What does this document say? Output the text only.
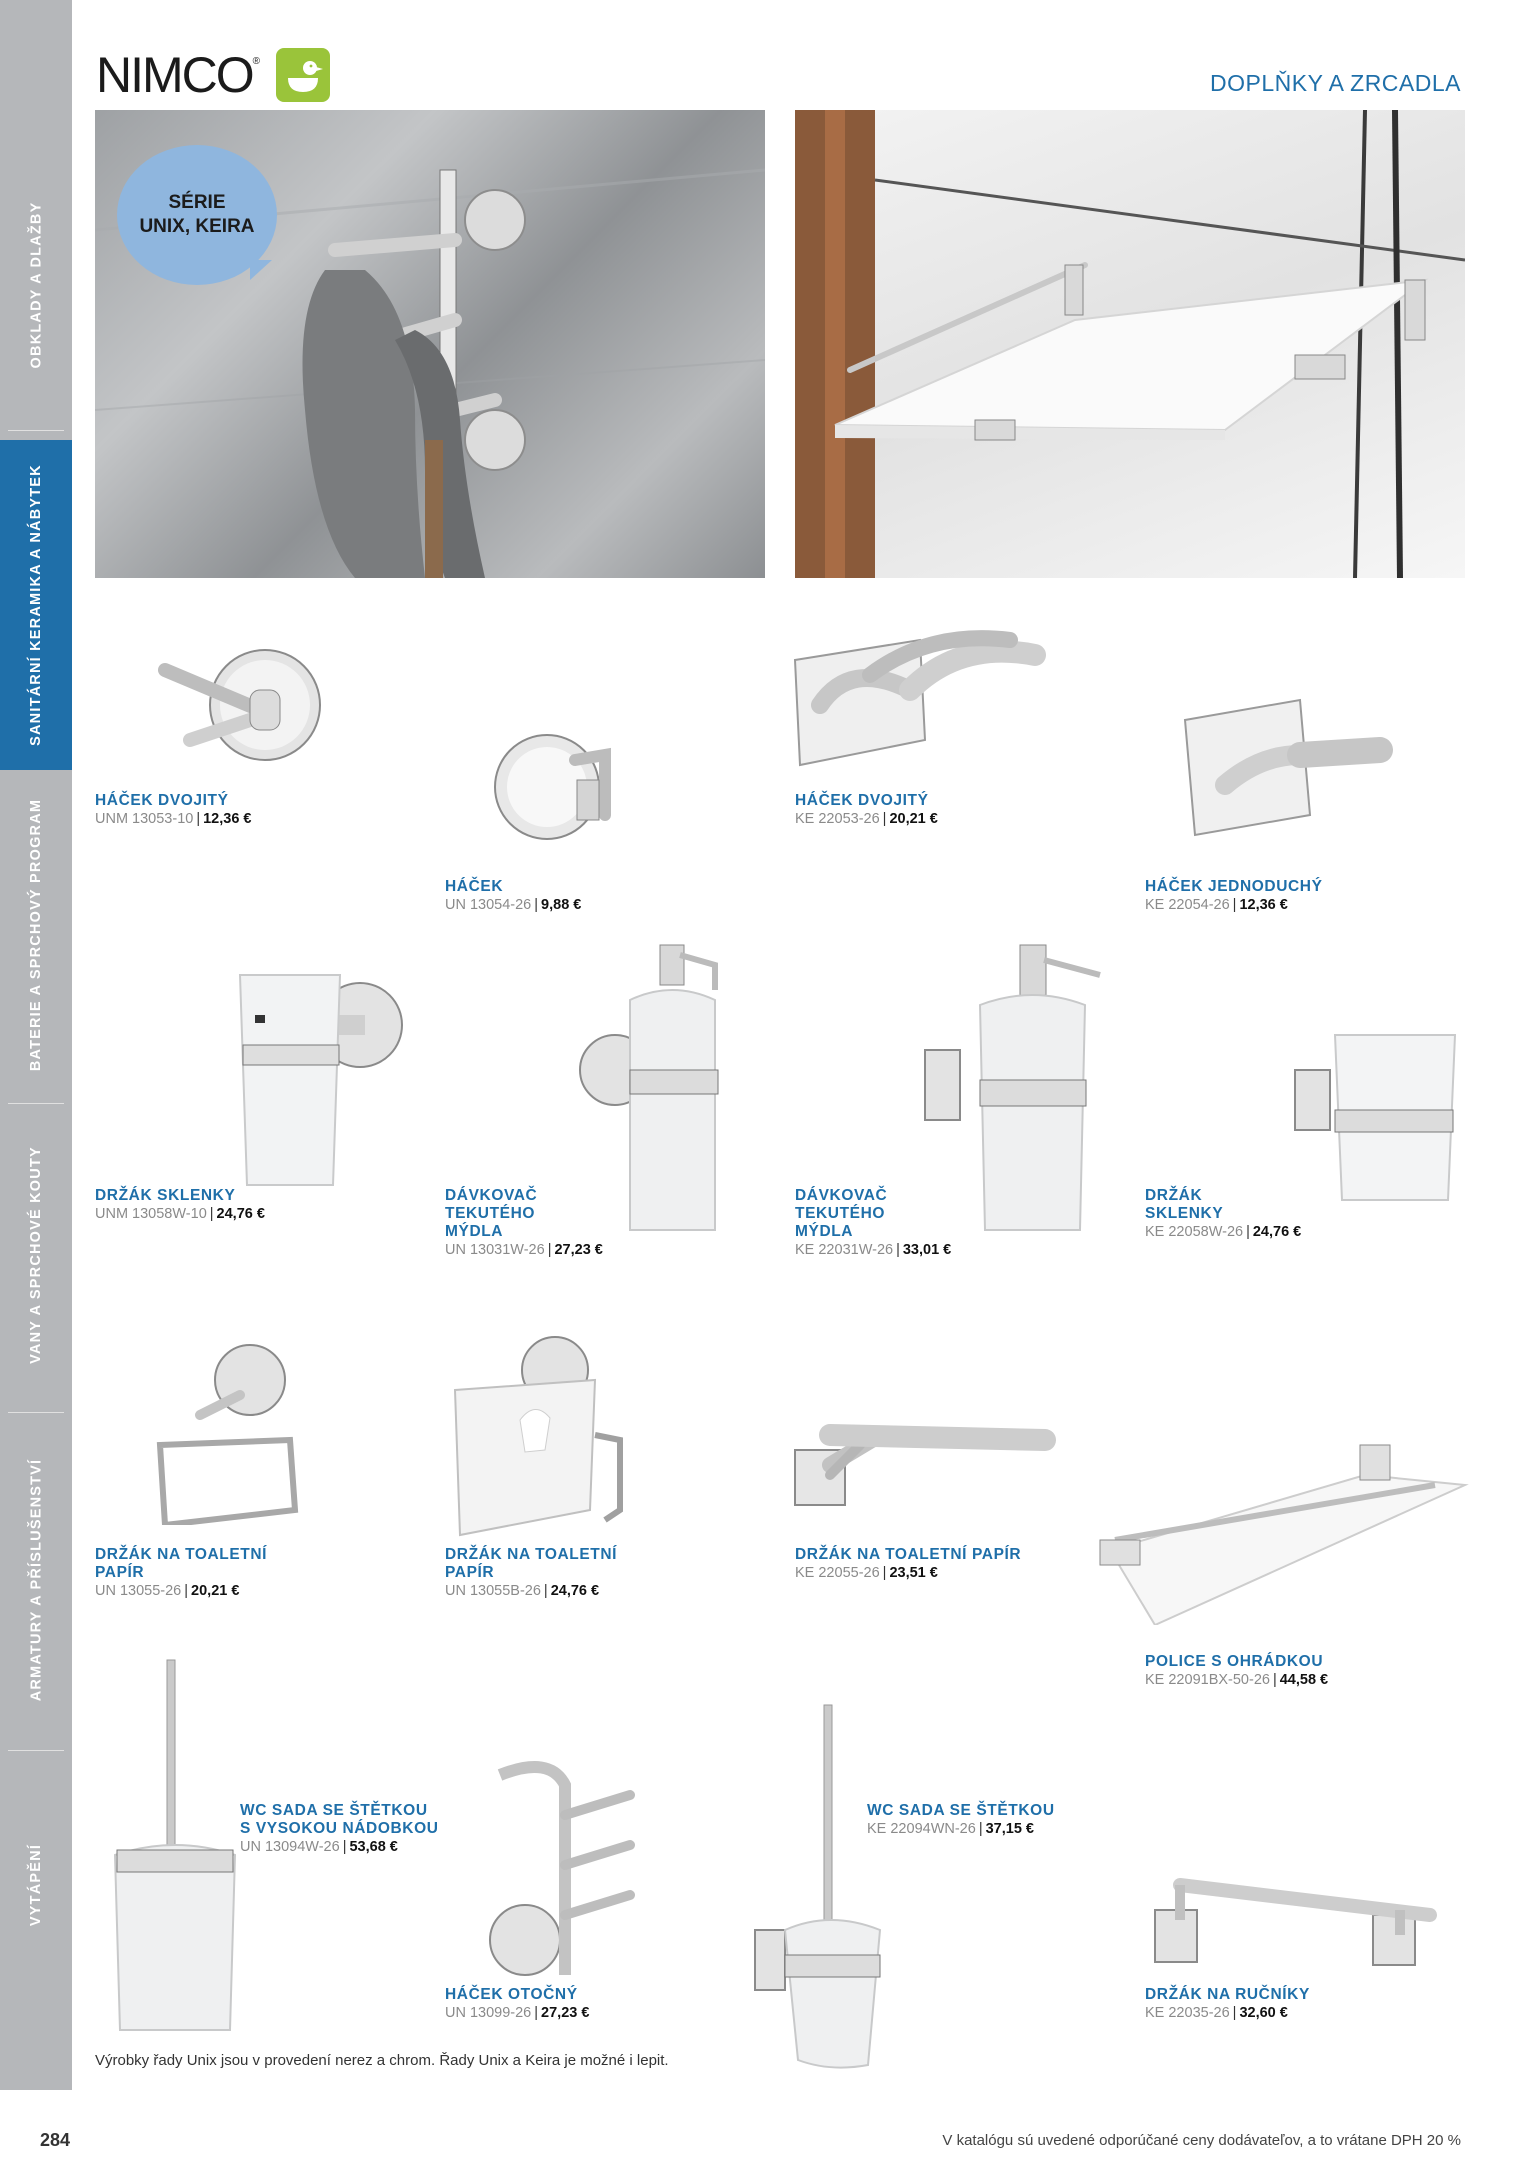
OBKLADY A DLAŽBY
SANITÁRNÍ KERAMIKA A NÁBYTEK
BATERIE A SPRCHOVÝ PROGRAM
VANY A SPRCHOVÉ KOUTY
ARMATURY A PŘÍSLUŠENSTVÍ
VYTÁPĚNÍ
NIMCO ®
DOPLŇKY A ZRCADLA
SÉRIE
UNIX, KEIRA
HÁČEK DVOJITÝ
UNM 13053-10 | 12,36 €
HÁČEK
UN 13054-26 | 9,88 €
HÁČEK DVOJITÝ
KE 22053-26 | 20,21 €
HÁČEK JEDNODUCHÝ
KE 22054-26 | 12,36 €
DRŽÁK SKLENKY
UNM 13058W-10 | 24,76 €
DÁVKOVAČ TEKUTÉHO MÝDLA
UN 13031W-26 | 27,23 €
DÁVKOVAČ TEKUTÉHO MÝDLA
KE 22031W-26 | 33,01 €
DRŽÁK SKLENKY
KE 22058W-26 | 24,76 €
DRŽÁK NA TOALETNÍ PAPÍR
UN 13055-26 | 20,21 €
DRŽÁK NA TOALETNÍ PAPÍR
UN 13055B-26 | 24,76 €
DRŽÁK NA TOALETNÍ PAPÍR
KE 22055-26 | 23,51 €
POLICE S OHRÁDKOU
KE 22091BX-50-26 | 44,58 €
WC SADA SE ŠTĚTKOU S VYSOKOU NÁDOBKOU
UN 13094W-26 | 53,68 €
HÁČEK OTOČNÝ
UN 13099-26 | 27,23 €
WC SADA SE ŠTĚTKOU
KE 22094WN-26 | 37,15 €
DRŽÁK NA RUČNÍKY
KE 22035-26 | 32,60 €
Výrobky řady Unix jsou v provedení nerez a chrom. Řady Unix a Keira je možné i lepit.
284	V katalógu sú uvedené odporúčané ceny dodávateľov, a to vrátane DPH 20 %
